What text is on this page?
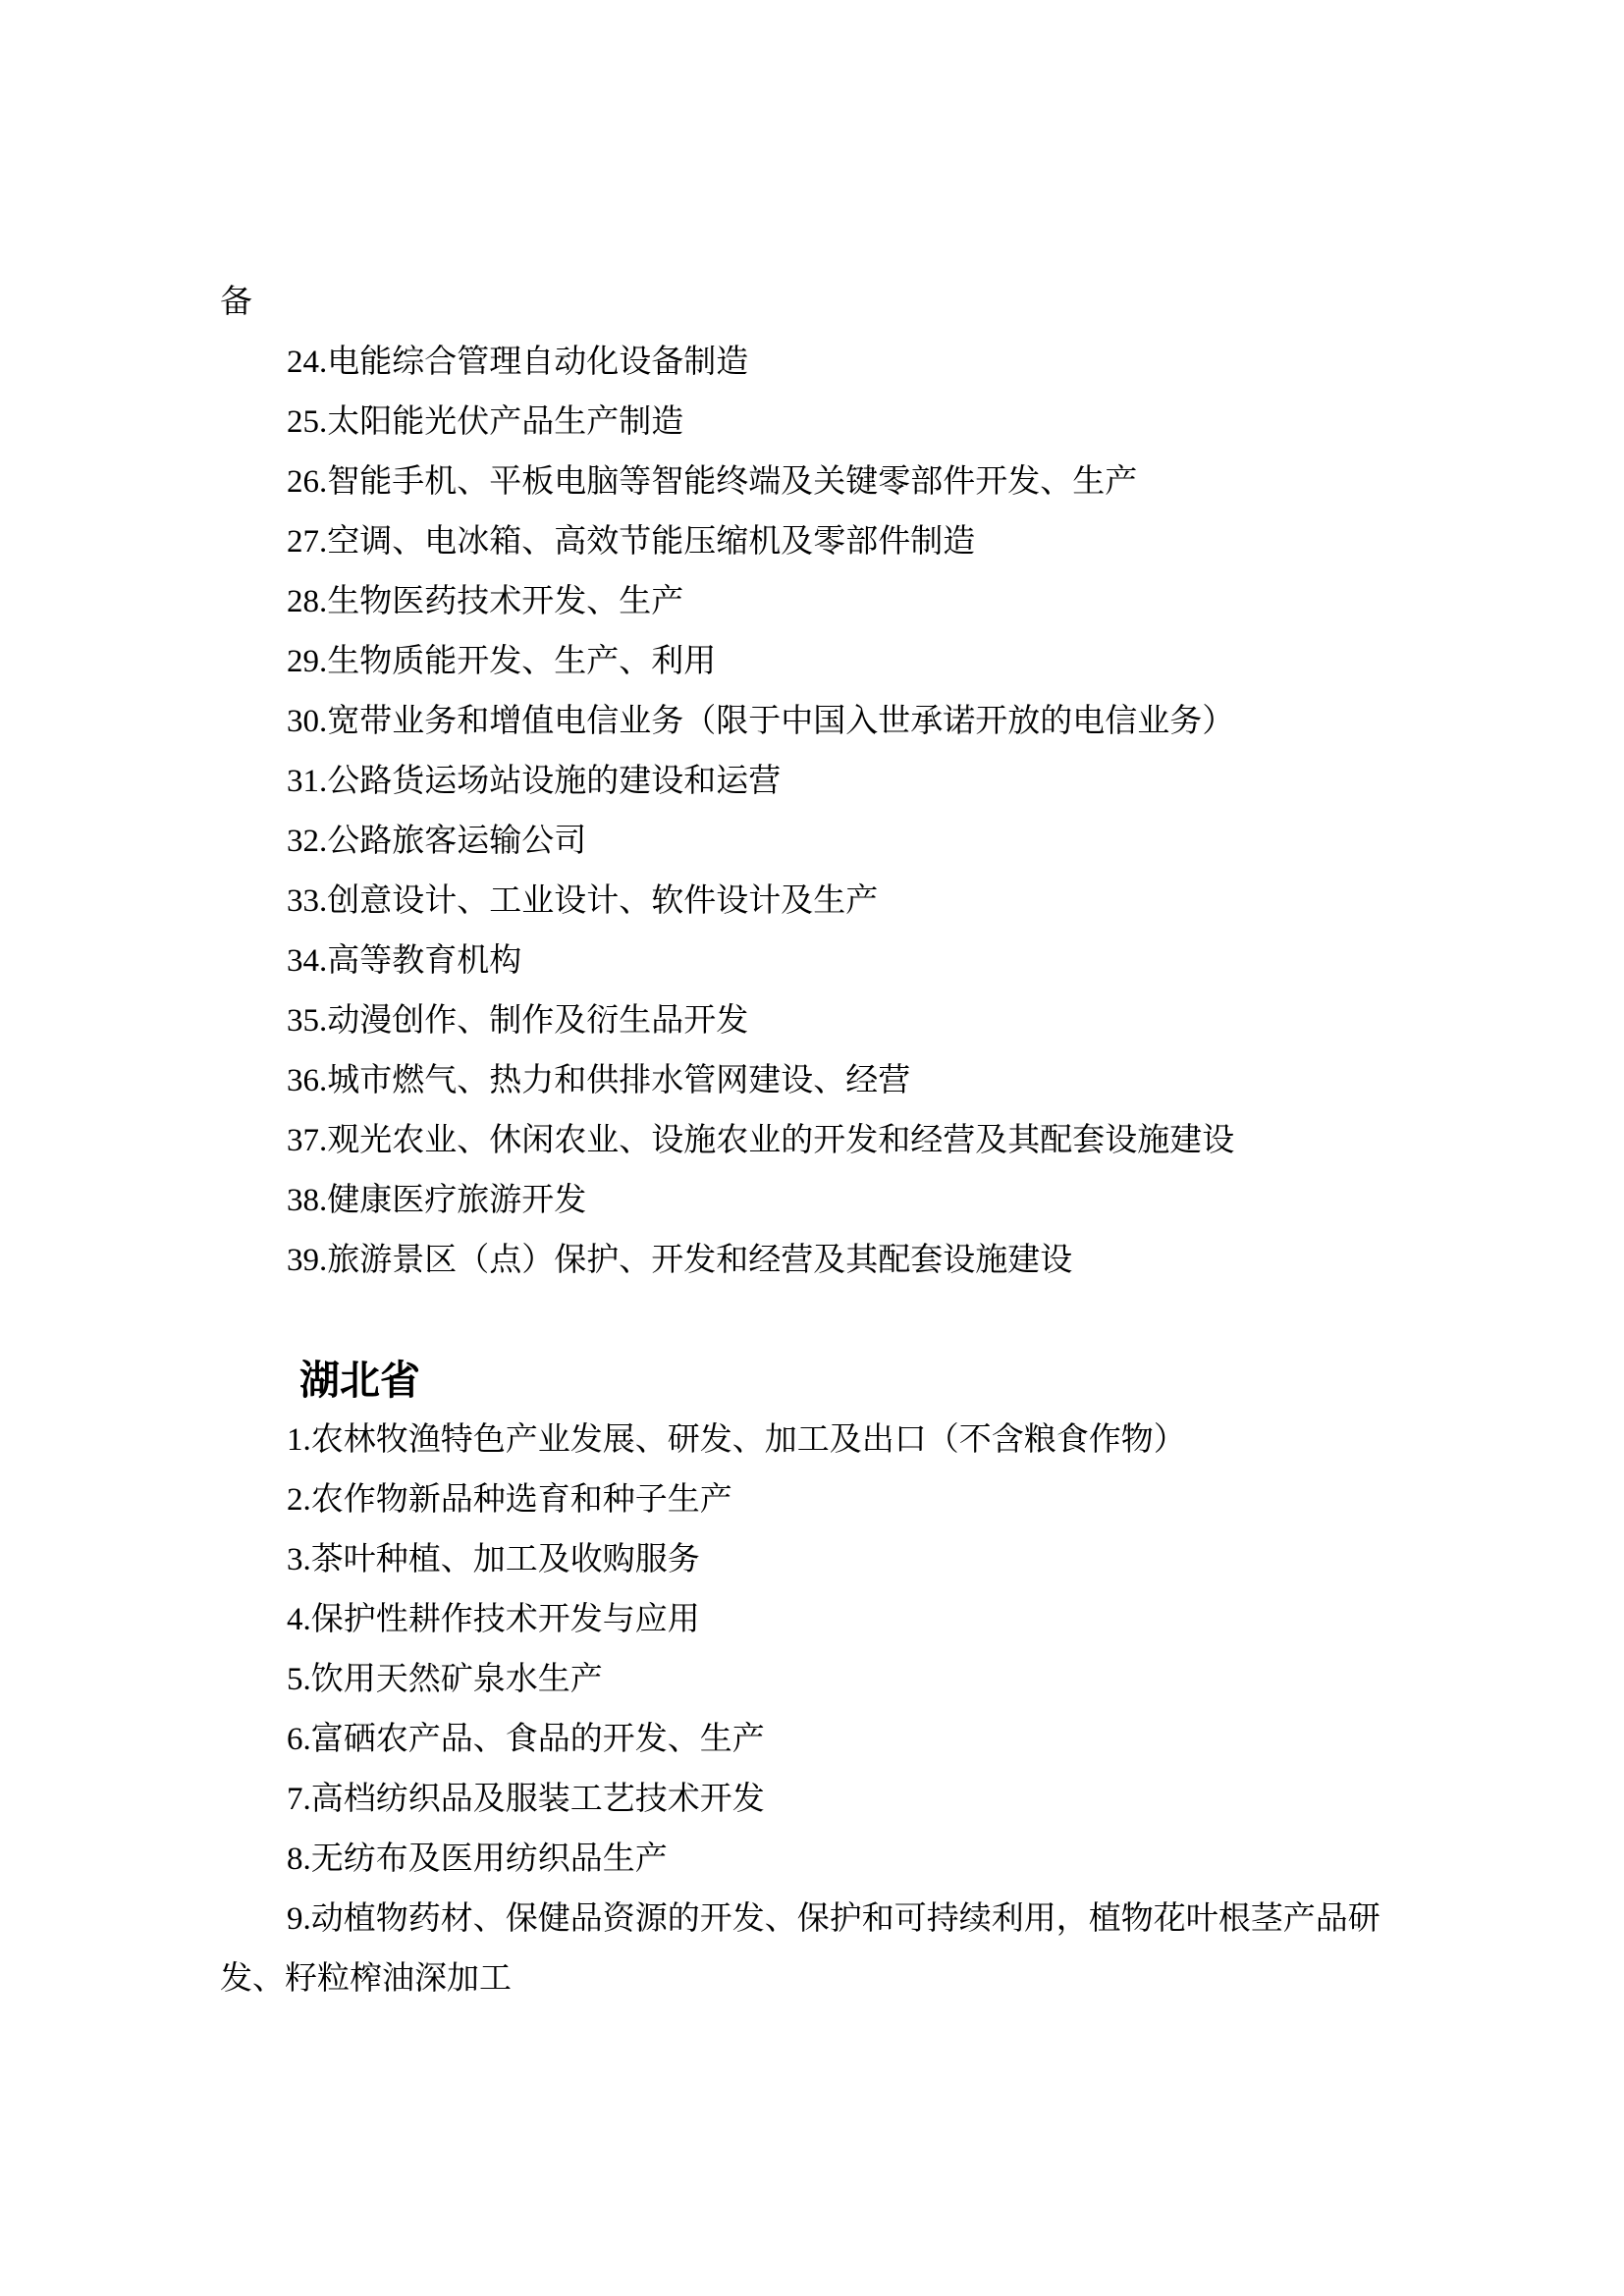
备
24.电能综合管理自动化设备制造
25.太阳能光伏产品生产制造
26.智能手机、平板电脑等智能终端及关键零部件开发、生产
27.空调、电冰箱、高效节能压缩机及零部件制造
28.生物医药技术开发、生产
29.生物质能开发、生产、利用
30.宽带业务和增值电信业务（限于中国入世承诺开放的电信业务）
31.公路货运场站设施的建设和运营
32.公路旅客运输公司
33.创意设计、工业设计、软件设计及生产
34.高等教育机构
35.动漫创作、制作及衍生品开发
36.城市燃气、热力和供排水管网建设、经营
37.观光农业、休闲农业、设施农业的开发和经营及其配套设施建设
38.健康医疗旅游开发
39.旅游景区（点）保护、开发和经营及其配套设施建设
湖北省
1.农林牧渔特色产业发展、研发、加工及出口（不含粮食作物）
2.农作物新品种选育和种子生产
3.茶叶种植、加工及收购服务
4.保护性耕作技术开发与应用
5.饮用天然矿泉水生产
6.富硒农产品、食品的开发、生产
7.高档纺织品及服装工艺技术开发
8.无纺布及医用纺织品生产
9.动植物药材、保健品资源的开发、保护和可持续利用，植物花叶根茎产品研
发、籽粒榨油深加工
